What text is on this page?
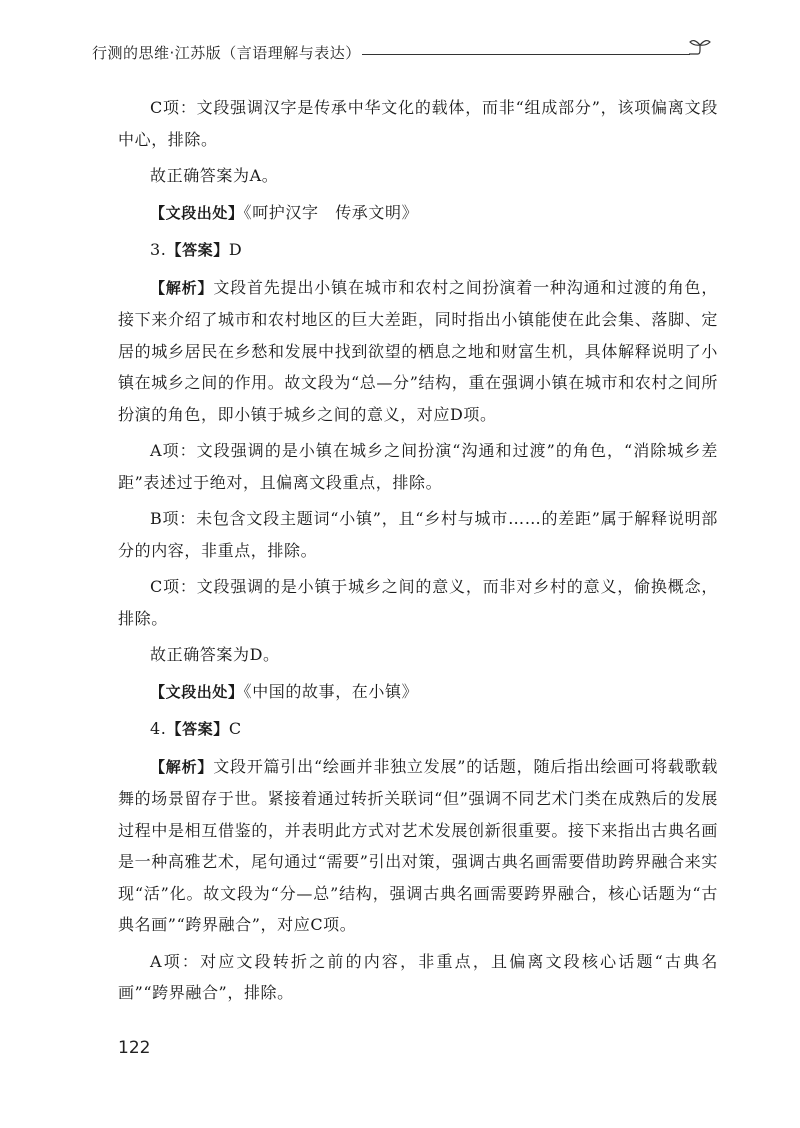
行测的思维·江苏版（言语理解与表达）

C项：文段强调汉字是传承中华文化的载体，而非“组成部分”，该项偏离文段中心，排除。

故正确答案为A。

【文段出处】《呵护汉字　传承文明》

3.【答案】D

【解析】文段首先提出小镇在城市和农村之间扮演着一种沟通和过渡的角色，接下来介绍了城市和农村地区的巨大差距，同时指出小镇能使在此会集、落脚、定居的城乡居民在乡愁和发展中找到欲望的栖息之地和财富生机，具体解释说明了小镇在城乡之间的作用。故文段为“总—分”结构，重在强调小镇在城市和农村之间所扮演的角色，即小镇于城乡之间的意义，对应D项。

A项：文段强调的是小镇在城乡之间扮演“沟通和过渡”的角色，“消除城乡差距”表述过于绝对，且偏离文段重点，排除。

B项：未包含文段主题词“小镇”，且“乡村与城市……的差距”属于解释说明部分的内容，非重点，排除。

C项：文段强调的是小镇于城乡之间的意义，而非对乡村的意义，偷换概念，排除。

故正确答案为D。

【文段出处】《中国的故事，在小镇》

4.【答案】C

【解析】文段开篇引出“绘画并非独立发展”的话题，随后指出绘画可将载歌载舞的场景留存于世。紧接着通过转折关联词“但”强调不同艺术门类在成熟后的发展过程中是相互借鉴的，并表明此方式对艺术发展创新很重要。接下来指出古典名画是一种高雅艺术，尾句通过“需要”引出对策，强调古典名画需要借助跨界融合来实现“活”化。故文段为“分—总”结构，强调古典名画需要跨界融合，核心话题为“古典名画”“跨界融合”，对应C项。

A项：对应文段转折之前的内容，非重点，且偏离文段核心话题“古典名画”“跨界融合”，排除。

122
